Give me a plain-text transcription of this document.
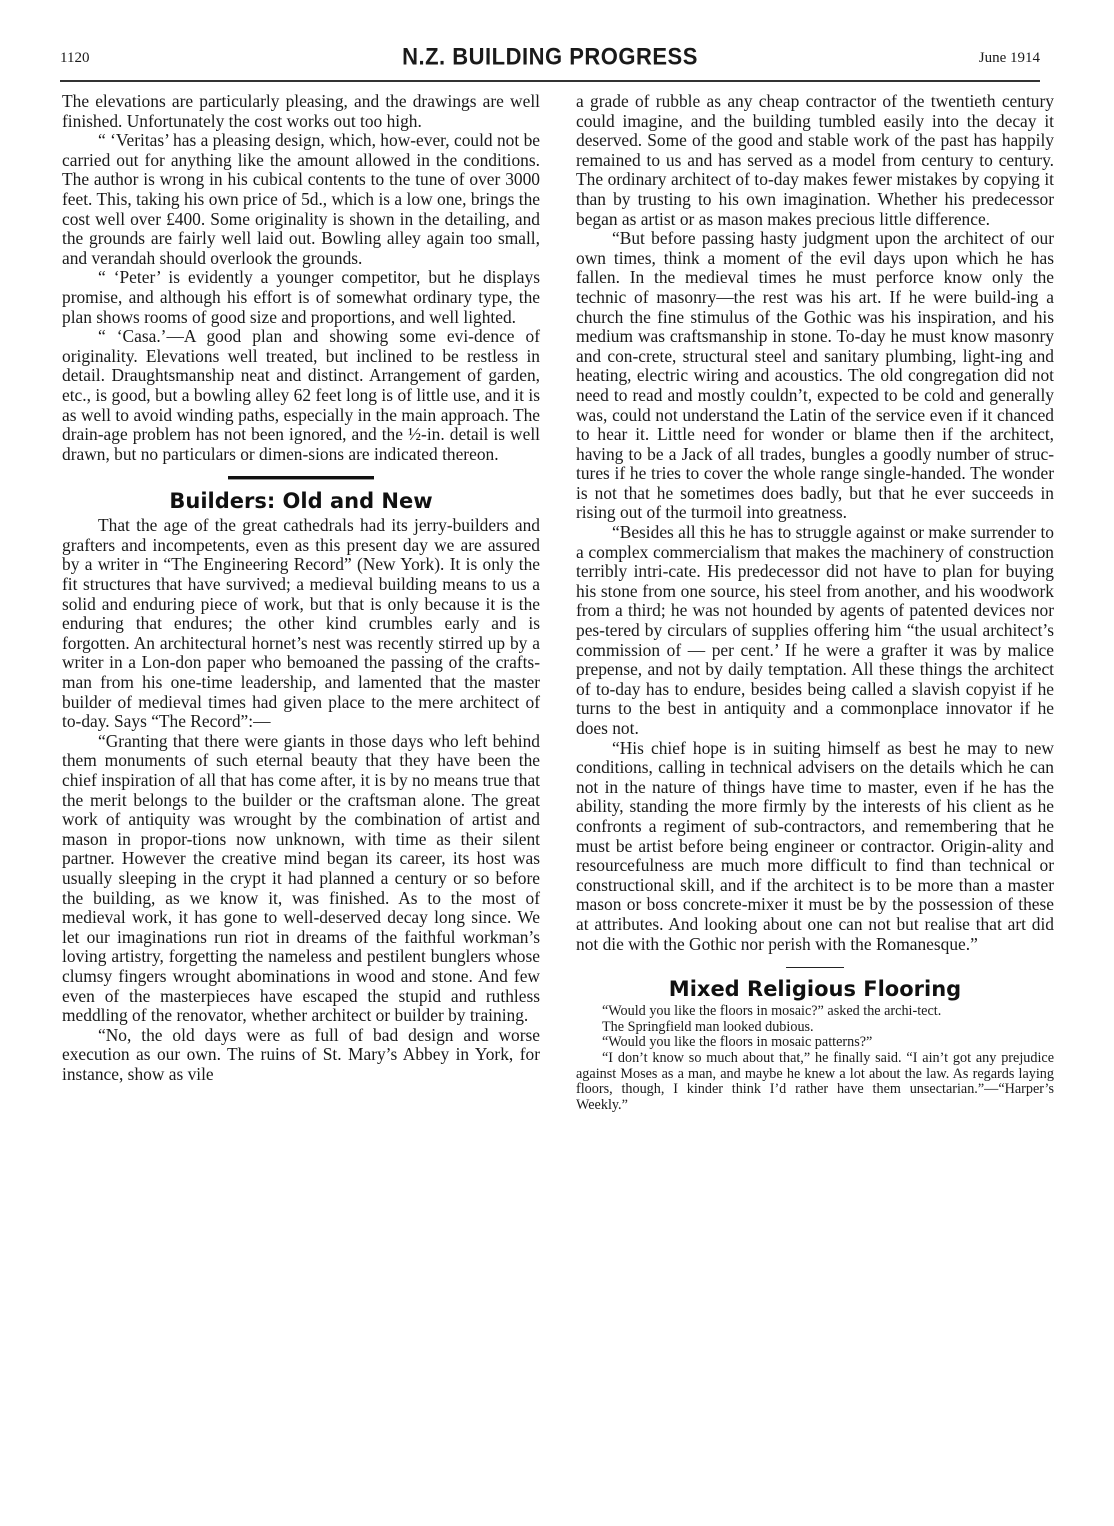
1120	N.Z. BUILDING PROGRESS	June 1914

The elevations are particularly pleasing, and the drawings are well finished. Unfortunately the cost works out too high.

“ ‘Veritas’ has a pleasing design, which, how-ever, could not be carried out for anything like the amount allowed in the conditions. The author is wrong in his cubical contents to the tune of over 3000 feet. This, taking his own price of 5d., which is a low one, brings the cost well over £400. Some originality is shown in the detailing, and the grounds are fairly well laid out. Bowling alley again too small, and verandah should overlook the grounds.

“ ‘Peter’ is evidently a younger competitor, but he displays promise, and although his effort is of somewhat ordinary type, the plan shows rooms of good size and proportions, and well lighted.

“ ‘Casa.’—A good plan and showing some evi-dence of originality. Elevations well treated, but inclined to be restless in detail. Draughtsmanship neat and distinct. Arrangement of garden, etc., is good, but a bowling alley 62 feet long is of little use, and it is as well to avoid winding paths, especially in the main approach. The drain-age problem has not been ignored, and the ½-in. detail is well drawn, but no particulars or dimen-sions are indicated thereon.

Builders: Old and New

That the age of the great cathedrals had its jerry-builders and grafters and incompetents, even as this present day we are assured by a writer in “The Engineering Record” (New York). It is only the fit structures that have survived; a medieval building means to us a solid and enduring piece of work, but that is only because it is the enduring that endures; the other kind crumbles early and is forgotten. An architectural hornet’s nest was recently stirred up by a writer in a Lon-don paper who bemoaned the passing of the crafts-man from his one-time leadership, and lamented that the master builder of medieval times had given place to the mere architect of to-day. Says “The Record”:—

“Granting that there were giants in those days who left behind them monuments of such eternal beauty that they have been the chief inspiration of all that has come after, it is by no means true that the merit belongs to the builder or the craftsman alone. The great work of antiquity was wrought by the combination of artist and mason in propor-tions now unknown, with time as their silent partner. However the creative mind began its career, its host was usually sleeping in the crypt it had planned a century or so before the building, as we know it, was finished. As to the most of medieval work, it has gone to well-deserved decay long since. We let our imaginations run riot in dreams of the faithful workman’s loving artistry, forgetting the nameless and pestilent bunglers whose clumsy fingers wrought abominations in wood and stone. And few even of the masterpieces have escaped the stupid and ruthless meddling of the renovator, whether architect or builder by training.

“No, the old days were as full of bad design and worse execution as our own. The ruins of St. Mary’s Abbey in York, for instance, show as vile

a grade of rubble as any cheap contractor of the twentieth century could imagine, and the building tumbled easily into the decay it deserved. Some of the good and stable work of the past has happily remained to us and has served as a model from century to century. The ordinary architect of to-day makes fewer mistakes by copying it than by trusting to his own imagination. Whether his predecessor began as artist or as mason makes precious little difference.

“But before passing hasty judgment upon the architect of our own times, think a moment of the evil days upon which he has fallen. In the medieval times he must perforce know only the technic of masonry—the rest was his art. If he were build-ing a church the fine stimulus of the Gothic was his inspiration, and his medium was craftsmanship in stone. To-day he must know masonry and con-crete, structural steel and sanitary plumbing, light-ing and heating, electric wiring and acoustics. The old congregation did not need to read and mostly couldn’t, expected to be cold and generally was, could not understand the Latin of the service even if it chanced to hear it. Little need for wonder or blame then if the architect, having to be a Jack of all trades, bungles a goodly number of struc-tures if he tries to cover the whole range single-handed. The wonder is not that he sometimes does badly, but that he ever succeeds in rising out of the turmoil into greatness.

“Besides all this he has to struggle against or make surrender to a complex commercialism that makes the machinery of construction terribly intri-cate. His predecessor did not have to plan for buying his stone from one source, his steel from another, and his woodwork from a third; he was not hounded by agents of patented devices nor pes-tered by circulars of supplies offering him “the usual architect’s commission of — per cent.’ If he were a grafter it was by malice prepense, and not by daily temptation. All these things the architect of to-day has to endure, besides being called a slavish copyist if he turns to the best in antiquity and a commonplace innovator if he does not.

“His chief hope is in suiting himself as best he may to new conditions, calling in technical advisers on the details which he can not in the nature of things have time to master, even if he has the ability, standing the more firmly by the interests of his client as he confronts a regiment of sub-contractors, and remembering that he must be artist before being engineer or contractor. Origin-ality and resourcefulness are much more difficult to find than technical or constructional skill, and if the architect is to be more than a master mason or boss concrete-mixer it must be by the possession of these at attributes. And looking about one can not but realise that art did not die with the Gothic nor perish with the Romanesque.”

Mixed Religious Flooring

“Would you like the floors in mosaic?” asked the archi-tect.

The Springfield man looked dubious.

“Would you like the floors in mosaic patterns?”

“I don’t know so much about that,” he finally said. “I ain’t got any prejudice against Moses as a man, and maybe he knew a lot about the law. As regards laying floors, though, I kinder think I’d rather have them unsectarian.”—“Harper’s Weekly.”
